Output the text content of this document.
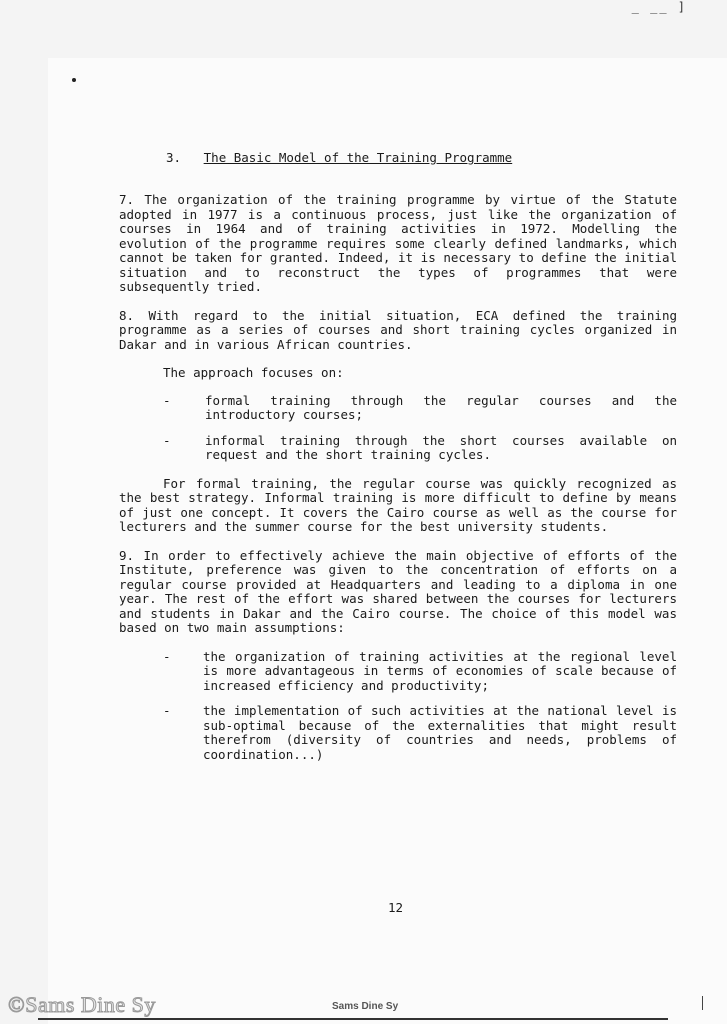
_ __ ]
3. The Basic Model of the Training Programme

7. The organization of the training programme by virtue of the Statute adopted in 1977 is a continuous process, just like the organization of courses in 1964 and of training activities in 1972. Modelling the evolution of the programme requires some clearly defined landmarks, which cannot be taken for granted. Indeed, it is necessary to define the initial situation and to reconstruct the types of programmes that were subsequently tried.

8. With regard to the initial situation, ECA defined the training programme as a series of courses and short training cycles organized in Dakar and in various African countries.

The approach focuses on:

-	formal training through the regular courses and the introductory courses;

-	informal training through the short courses available on request and the short training cycles.

For formal training, the regular course was quickly recognized as the best strategy. Informal training is more difficult to define by means of just one concept. It covers the Cairo course as well as the course for lecturers and the summer course for the best university students.

9. In order to effectively achieve the main objective of efforts of the Institute, preference was given to the concentration of efforts on a regular course provided at Headquarters and leading to a diploma in one year. The rest of the effort was shared between the courses for lecturers and students in Dakar and the Cairo course. The choice of this model was based on two main assumptions:

-	the organization of training activities at the regional level is more advantageous in terms of economies of scale because of increased efficiency and productivity;

-	the implementation of such activities at the national level is sub-optimal because of the externalities that might result therefrom (diversity of countries and needs, problems of coordination...)

12
©Sams Dine Sy	Sams Dine Sy
